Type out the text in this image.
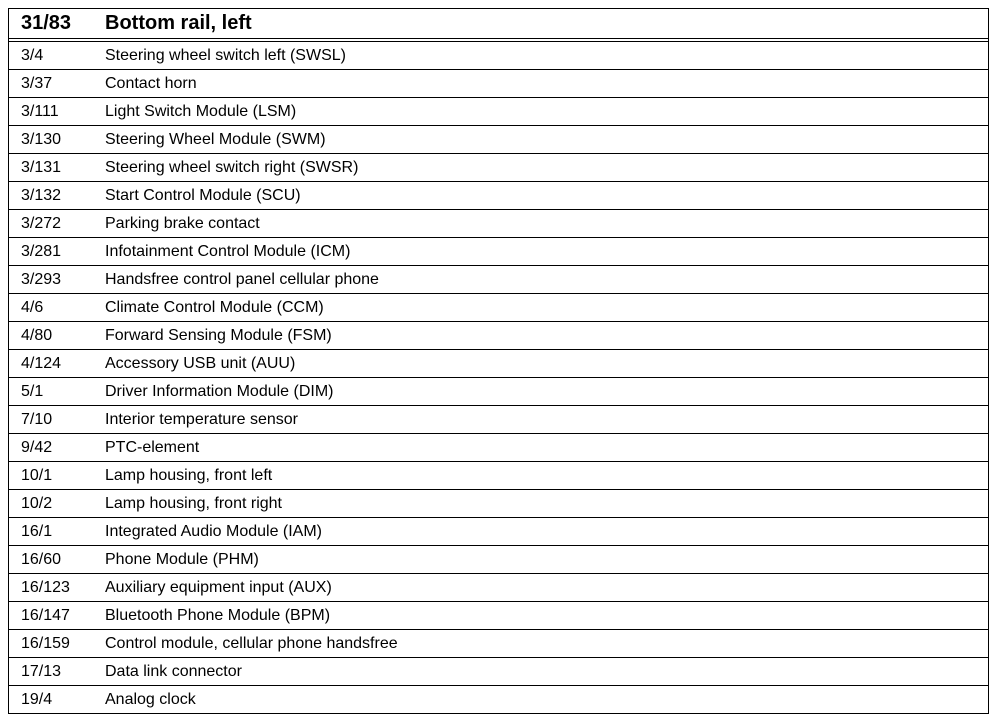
31/83	Bottom rail, left
3/4	Steering wheel switch left (SWSL)
3/37	Contact horn
3/111	Light Switch Module (LSM)
3/130	Steering Wheel Module (SWM)
3/131	Steering wheel switch right (SWSR)
3/132	Start Control Module (SCU)
3/272	Parking brake contact
3/281	Infotainment Control Module (ICM)
3/293	Handsfree control panel cellular phone
4/6	Climate Control Module (CCM)
4/80	Forward Sensing Module (FSM)
4/124	Accessory USB unit (AUU)
5/1	Driver Information Module (DIM)
7/10	Interior temperature sensor
9/42	PTC-element
10/1	Lamp housing, front left
10/2	Lamp housing, front right
16/1	Integrated Audio Module (IAM)
16/60	Phone Module (PHM)
16/123	Auxiliary equipment input (AUX)
16/147	Bluetooth Phone Module (BPM)
16/159	Control module, cellular phone handsfree
17/13	Data link connector
19/4	Analog clock
